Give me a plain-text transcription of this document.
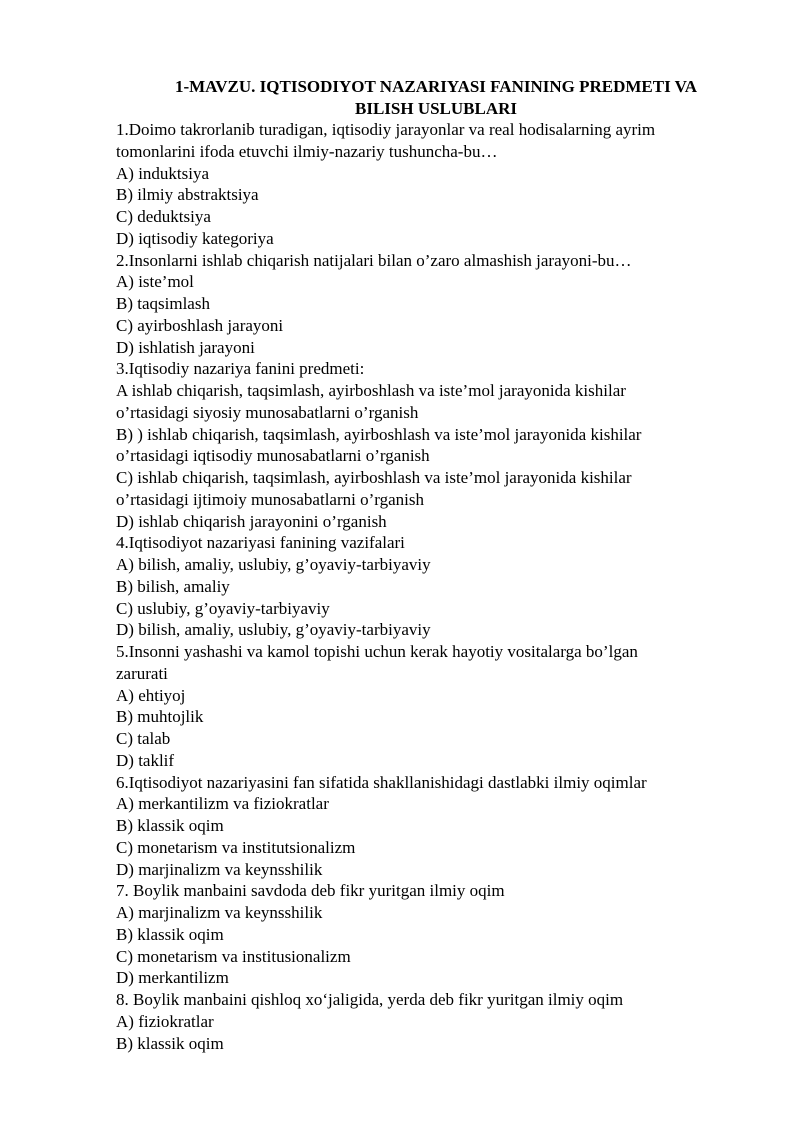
1-MAVZU. IQTISODIYOT NAZARIYASI FANINING PREDMETI VA
BILISH USLUBLARI

1.Doimo takrorlanib turadigan, iqtisodiy jarayonlar va real hodisalarning ayrim

tomonlarini ifoda etuvchi ilmiy-nazariy tushuncha-bu…

A) induktsiya

B) ilmiy abstraktsiya

C) deduktsiya

D) iqtisodiy kategoriya

2.Insonlarni ishlab chiqarish natijalari bilan o’zaro almashish jarayoni-bu…

A) iste’mol

B) taqsimlash

C) ayirboshlash jarayoni

D) ishlatish jarayoni

3.Iqtisodiy nazariya fanini predmeti:

A ishlab chiqarish, taqsimlash, ayirboshlash va iste’mol jarayonida kishilar

o’rtasidagi siyosiy munosabatlarni o’rganish

B) ) ishlab chiqarish, taqsimlash, ayirboshlash va iste’mol jarayonida kishilar

o’rtasidagi iqtisodiy munosabatlarni o’rganish

C) ishlab chiqarish, taqsimlash, ayirboshlash va iste’mol jarayonida kishilar

o’rtasidagi ijtimoiy munosabatlarni o’rganish

D) ishlab chiqarish jarayonini o’rganish

4.Iqtisodiyot nazariyasi fanining vazifalari

A) bilish, amaliy, uslubiy, g’oyaviy-tarbiyaviy

B) bilish, amaliy

C) uslubiy, g’oyaviy-tarbiyaviy

D) bilish, amaliy, uslubiy, g’oyaviy-tarbiyaviy

5.Insonni yashashi va kamol topishi uchun kerak hayotiy vositalarga bo’lgan

zarurati

A) ehtiyoj

B) muhtojlik

C) talab

D) taklif

6.Iqtisodiyot nazariyasini fan sifatida shakllanishidagi dastlabki ilmiy oqimlar

A) merkantilizm va fiziokratlar

B) klassik oqim

C) monetarism va institutsionalizm

D) marjinalizm va keynsshilik

7. Boylik manbaini savdoda deb fikr yuritgan ilmiy oqim

A) marjinalizm va keynsshilik

B) klassik oqim

C) monetarism va institusionalizm

D) merkantilizm

8. Boylik manbaini qishloq xo‘jaligida, yerda deb fikr yuritgan ilmiy oqim

A) fiziokratlar

B) klassik oqim
